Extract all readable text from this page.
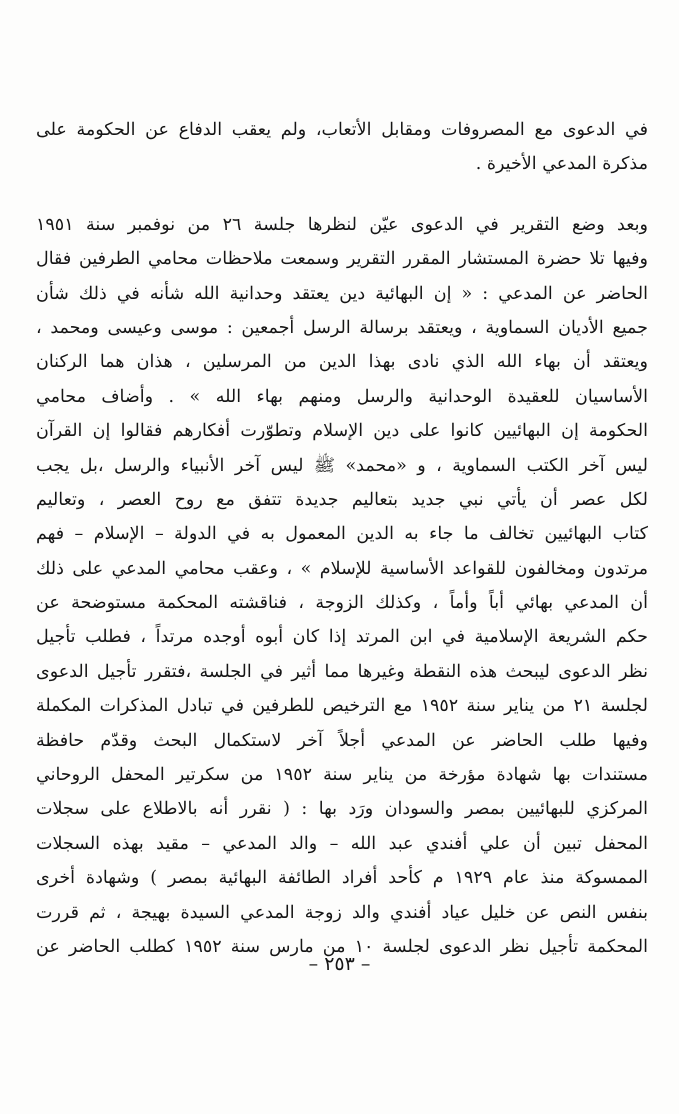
في الدعوى مع المصروفات ومقابل الأتعاب، ولم يعقب الدفاع عن الحكومة على
مذكرة المدعي الأخيرة .
وبعد وضع التقرير في الدعوى عيّن لنظرها جلسة ٢٦ من نوفمبر سنة ١٩٥١
وفيها تلا حضرة المستشار المقرر التقرير وسمعت ملاحظات محامي الطرفين فقال
الحاضر عن المدعي : « إن البهائية دين يعتقد وحدانية الله شأنه في ذلك شأن
جميع الأديان السماوية ، ويعتقد برسالة الرسل أجمعين : موسى وعيسى ومحمد ،
ويعتقد أن بهاء الله الذي نادى بهذا الدين من المرسلين ، هذان هما الركنان
الأساسيان للعقيدة الوحدانية والرسل ومنهم بهاء الله » . وأضاف محامي
الحكومة إن البهائيين كانوا على دين الإسلام وتطوّرت أفكارهم فقالوا إن القرآن
ليس آخر الكتب السماوية ، و «محمد» ﷺ ليس آخر الأنبياء والرسل ،بل يجب
لكل عصر أن يأتي نبي جديد بتعاليم جديدة تتفق مع روح العصر ، وتعاليم
كتاب البهائيين تخالف ما جاء به الدين المعمول به في الدولة – الإسلام – فهم
مرتدون ومخالفون للقواعد الأساسية للإسلام » ، وعقب محامي المدعي على ذلك
أن المدعي بهائي أباً وأماً ، وكذلك الزوجة ، فناقشته المحكمة مستوضحة عن
حكم الشريعة الإسلامية في ابن المرتد إذا كان أبوه أوجده مرتداً ، فطلب تأجيل
نظر الدعوى ليبحث هذه النقطة وغيرها مما أثير في الجلسة ،فتقرر تأجيل الدعوى
لجلسة ٢١ من يناير سنة ١٩٥٢ مع الترخيص للطرفين في تبادل المذكرات المكملة
وفيها طلب الحاضر عن المدعي أجلاً آخر لاستكمال البحث وقدّم حافظة
مستندات بها شهادة مؤرخة من يناير سنة ١٩٥٢ من سكرتير المحفل الروحاني
المركزي للبهائيين بمصر والسودان ورَد بها : ( نقرر أنه بالاطلاع على سجلات
المحفل تبين أن علي أفندي عبد الله – والد المدعي – مقيد بهذه السجلات
الممسوكة منذ عام ١٩٢٩ م كأحد أفراد الطائفة البهائية بمصر ) وشهادة أخرى
بنفس النص عن خليل عياد أفندي والد زوجة المدعي السيدة بهيجة ، ثم قررت
المحكمة تأجيل نظر الدعوى لجلسة ١٠ من مارس سنة ١٩٥٢ كطلب الحاضر عن
– ٢٥٣ –
